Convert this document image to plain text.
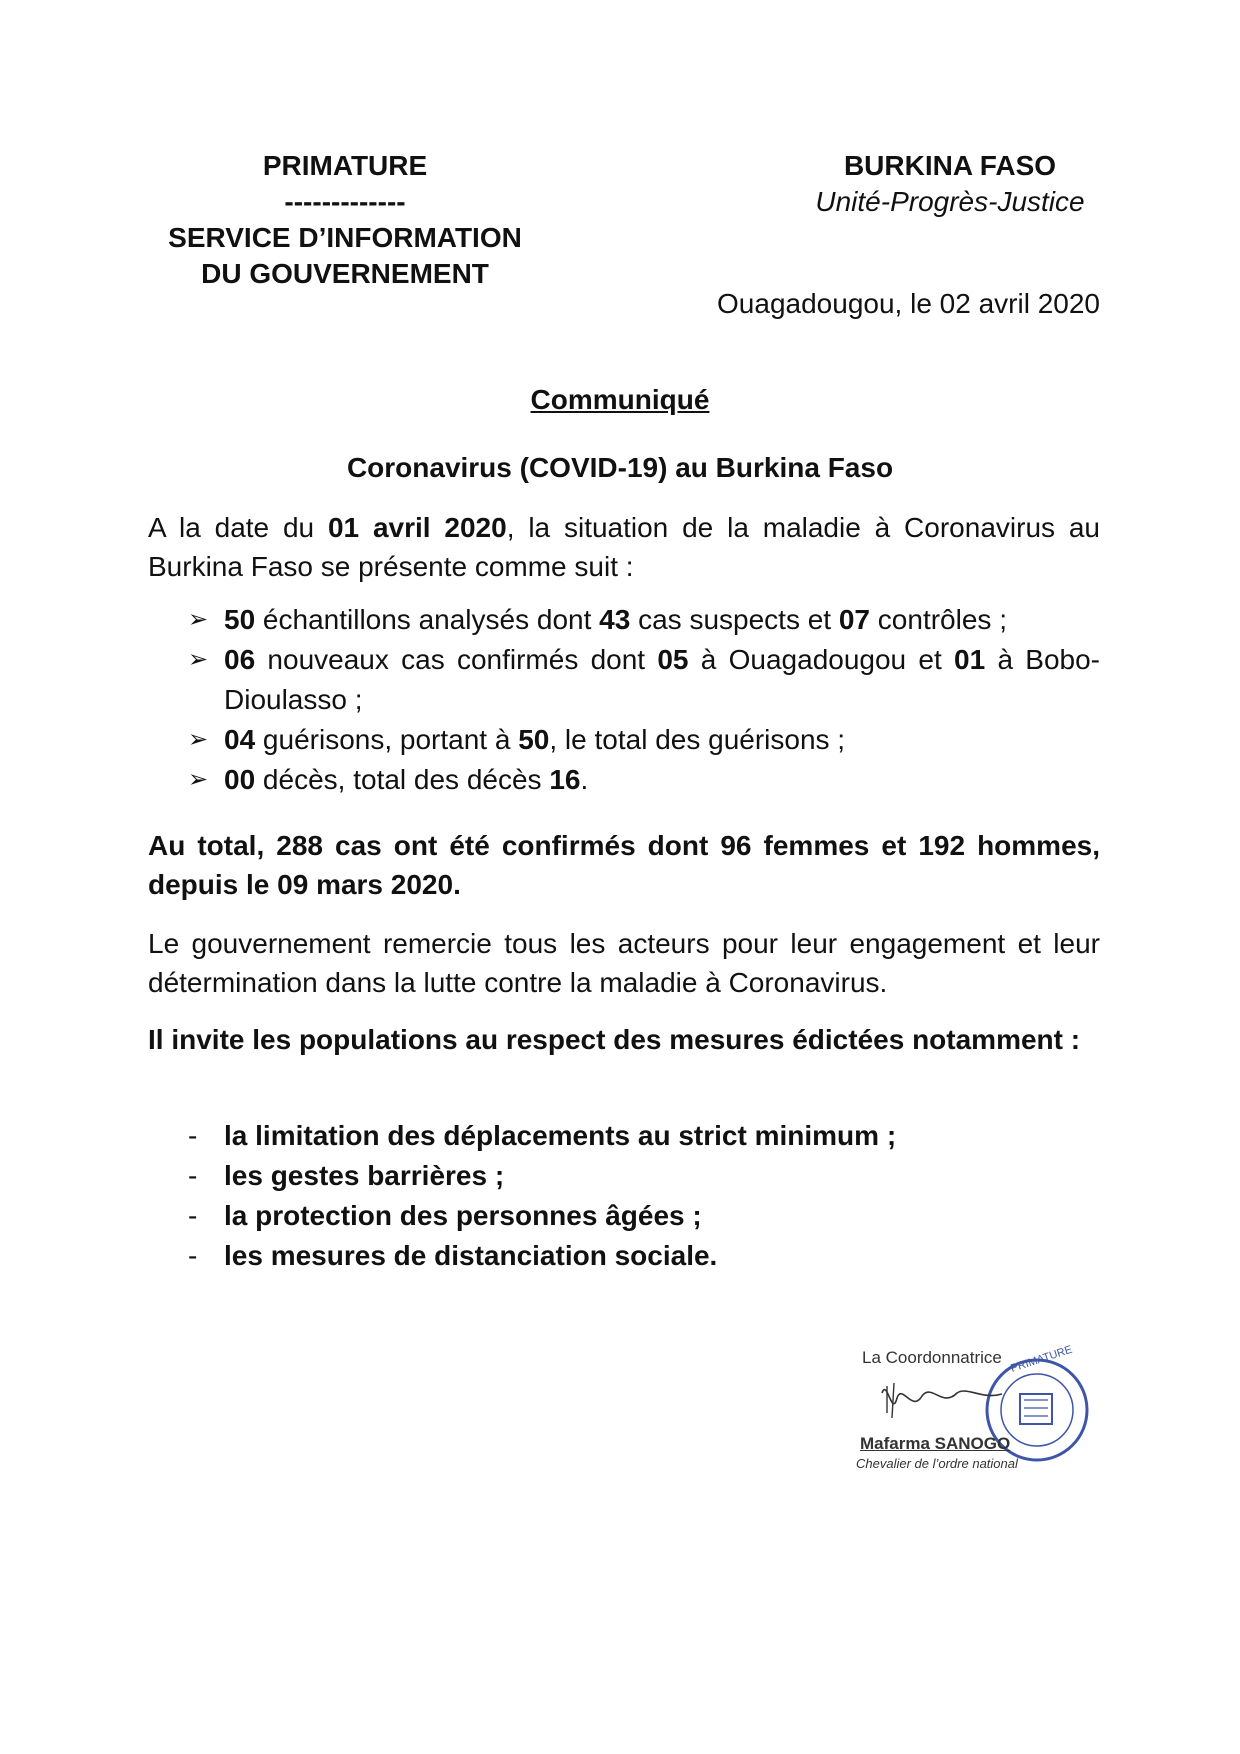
PRIMATURE
-------------
SERVICE D’INFORMATION
DU GOUVERNEMENT
BURKINA FASO
Unité-Progrès-Justice
Ouagadougou, le 02 avril 2020
Communiqué
Coronavirus (COVID-19) au Burkina Faso
A la date du 01 avril 2020, la situation de la maladie à Coronavirus au Burkina Faso se présente comme suit :
➢ 50 échantillons analysés dont 43 cas suspects et 07 contrôles ;
➢ 06 nouveaux cas confirmés dont 05 à Ouagadougou et 01 à Bobo-Dioulasso ;
➢ 04 guérisons, portant à 50, le total des guérisons ;
➢ 00 décès, total des décès 16.
Au total, 288 cas ont été confirmés dont 96 femmes et 192 hommes, depuis le 09 mars 2020.
Le gouvernement remercie tous les acteurs pour leur engagement et leur détermination dans la lutte contre la maladie à Coronavirus.
Il invite les populations au respect des mesures édictées notamment :
- la limitation des déplacements au strict minimum ;
- les gestes barrières ;
- la protection des personnes âgées ;
- les mesures de distanciation sociale.
PRIMATURE
La Coordonnatrice
Mafarma SANOGO
Chevalier de l’ordre national
